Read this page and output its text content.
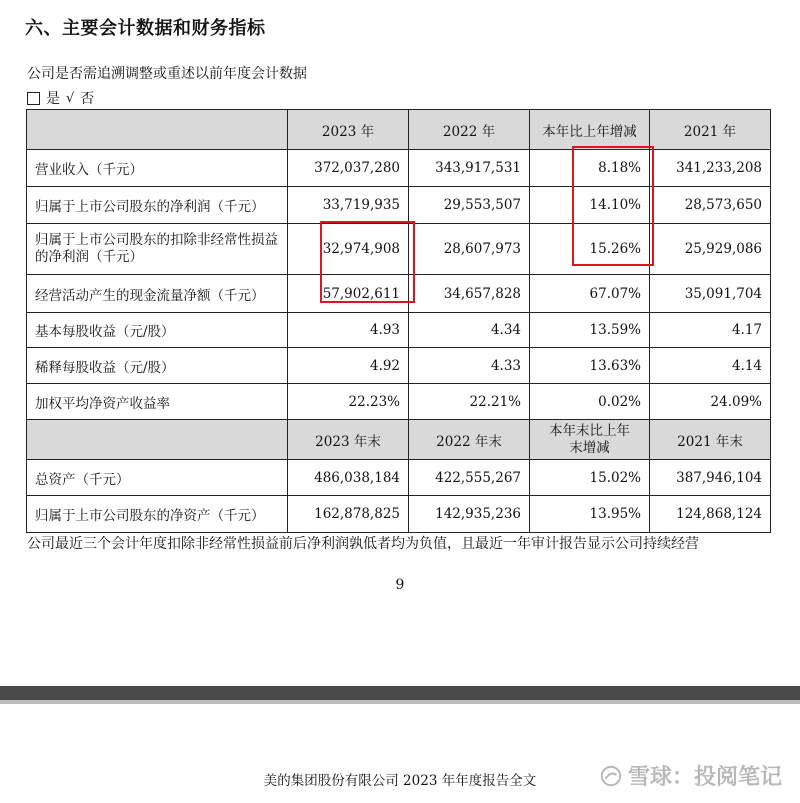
六、主要会计数据和财务指标
公司是否需追溯调整或重述以前年度会计数据
是 √ 否
	2023 年	2022 年	本年比上年增减	2021 年
营业收入（千元）	372,037,280	343,917,531	8.18%	341,233,208
归属于上市公司股东的净利润（千元）	33,719,935	29,553,507	14.10%	28,573,650
归属于上市公司股东的扣除非经常性损益的净利润（千元）	32,974,908	28,607,973	15.26%	25,929,086
经营活动产生的现金流量净额（千元）	57,902,611	34,657,828	67.07%	35,091,704
基本每股收益（元/股）	4.93	4.34	13.59%	4.17
稀释每股收益（元/股）	4.92	4.33	13.63%	4.14
加权平均净资产收益率	22.23%	22.21%	0.02%	24.09%
	2023 年末	2022 年末	本年末比上年末增减	2021 年末
总资产（千元）	486,038,184	422,555,267	15.02%	387,946,104
归属于上市公司股东的净资产（千元）	162,878,825	142,935,236	13.95%	124,868,124
公司最近三个会计年度扣除非经常性损益前后净利润孰低者均为负值，且最近一年审计报告显示公司持续经营
9
美的集团股份有限公司 2023 年年度报告全文	雪球：投阅笔记
